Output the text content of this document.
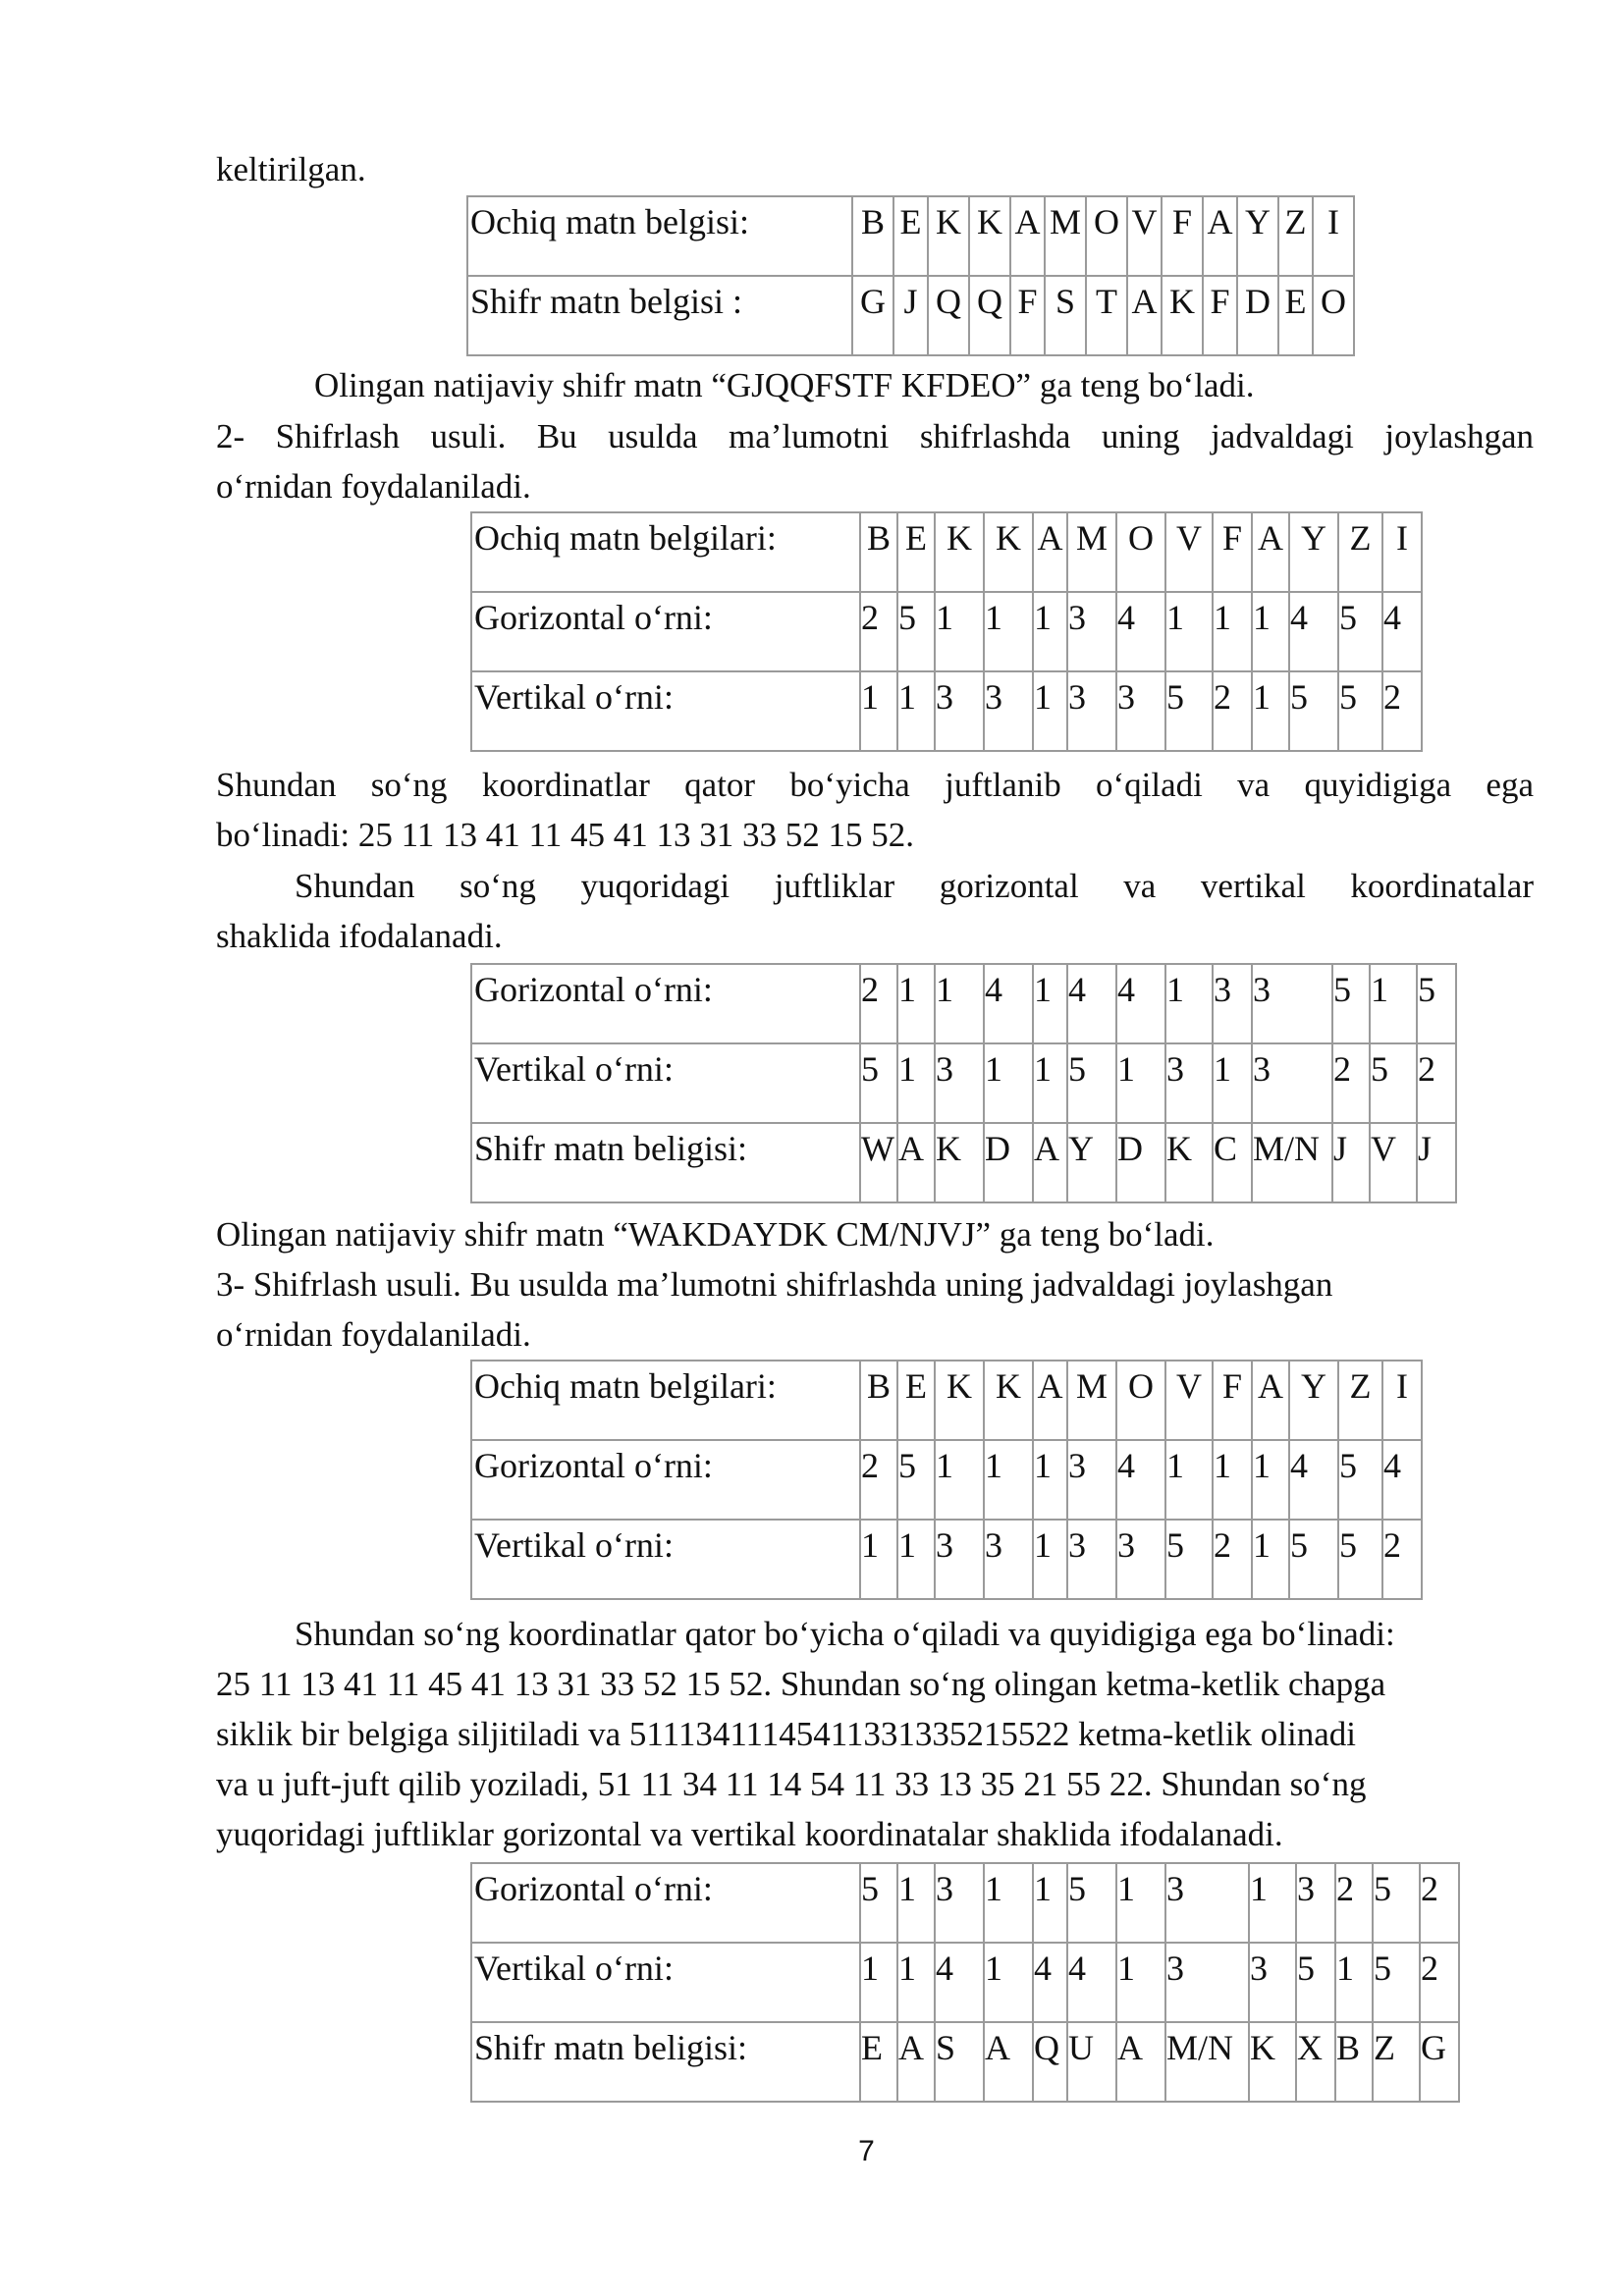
keltirilgan.
Ochiq matn belgisi:	B	E	K	K	A	M	O	V	F	A	Y	Z	I
Shifr matn belgisi :	G	J	Q	Q	F	S	T	A	K	F	D	E	O
Olingan natijaviy shifr matn “GJQQFSTF KFDEO” ga teng bo‘ladi.
2- Shifrlash usuli. Bu usulda ma’lumotni shifrlashda uning jadvaldagi joylashgan
o‘rnidan foydalaniladi.
Ochiq matn belgilari:	B	E	K	K	A	M	O	V	F	A	Y	Z	I
Gorizontal o‘rni:	2	5	1	1	1	3	4	1	1	1	4	5	4
Vertikal o‘rni:	1	1	3	3	1	3	3	5	2	1	5	5	2
Shundan so‘ng koordinatlar qator bo‘yicha juftlanib o‘qiladi va quyidigiga ega
bo‘linadi: 25 11 13 41 11 45 41 13 31 33 52 15 52.
Shundan so‘ng yuqoridagi juftliklar gorizontal va vertikal koordinatalar
shaklida ifodalanadi.
Gorizontal o‘rni:	2	1	1	4	1	4	4	1	3	3	5	1	5
Vertikal o‘rni:	5	1	3	1	1	5	1	3	1	3	2	5	2
Shifr matn beligisi:	W	A	K	D	A	Y	D	K	C	M/N	J	V	J
Olingan natijaviy shifr matn “WAKDAYDK CM/NJVJ” ga teng bo‘ladi.
3- Shifrlash usuli. Bu usulda ma’lumotni shifrlashda uning jadvaldagi joylashgan
o‘rnidan foydalaniladi.
Ochiq matn belgilari:	B	E	K	K	A	M	O	V	F	A	Y	Z	I
Gorizontal o‘rni:	2	5	1	1	1	3	4	1	1	1	4	5	4
Vertikal o‘rni:	1	1	3	3	1	3	3	5	2	1	5	5	2
Shundan so‘ng koordinatlar qator bo‘yicha o‘qiladi va quyidigiga ega bo‘linadi:
25 11 13 41 11 45 41 13 31 33 52 15 52. Shundan so‘ng olingan ketma-ketlik chapga
siklik bir belgiga siljitiladi va 51113411145411331335215522 ketma-ketlik olinadi
va u juft-juft qilib yoziladi, 51 11 34 11 14 54 11 33 13 35 21 55 22. Shundan so‘ng
yuqoridagi juftliklar gorizontal va vertikal koordinatalar shaklida ifodalanadi.
Gorizontal o‘rni:	5	1	3	1	1	5	1	3	1	3	2	5	2
Vertikal o‘rni:	1	1	4	1	4	4	1	3	3	5	1	5	2
Shifr matn beligisi:	E	A	S	A	Q	U	A	M/N	K	X	B	Z	G
7
